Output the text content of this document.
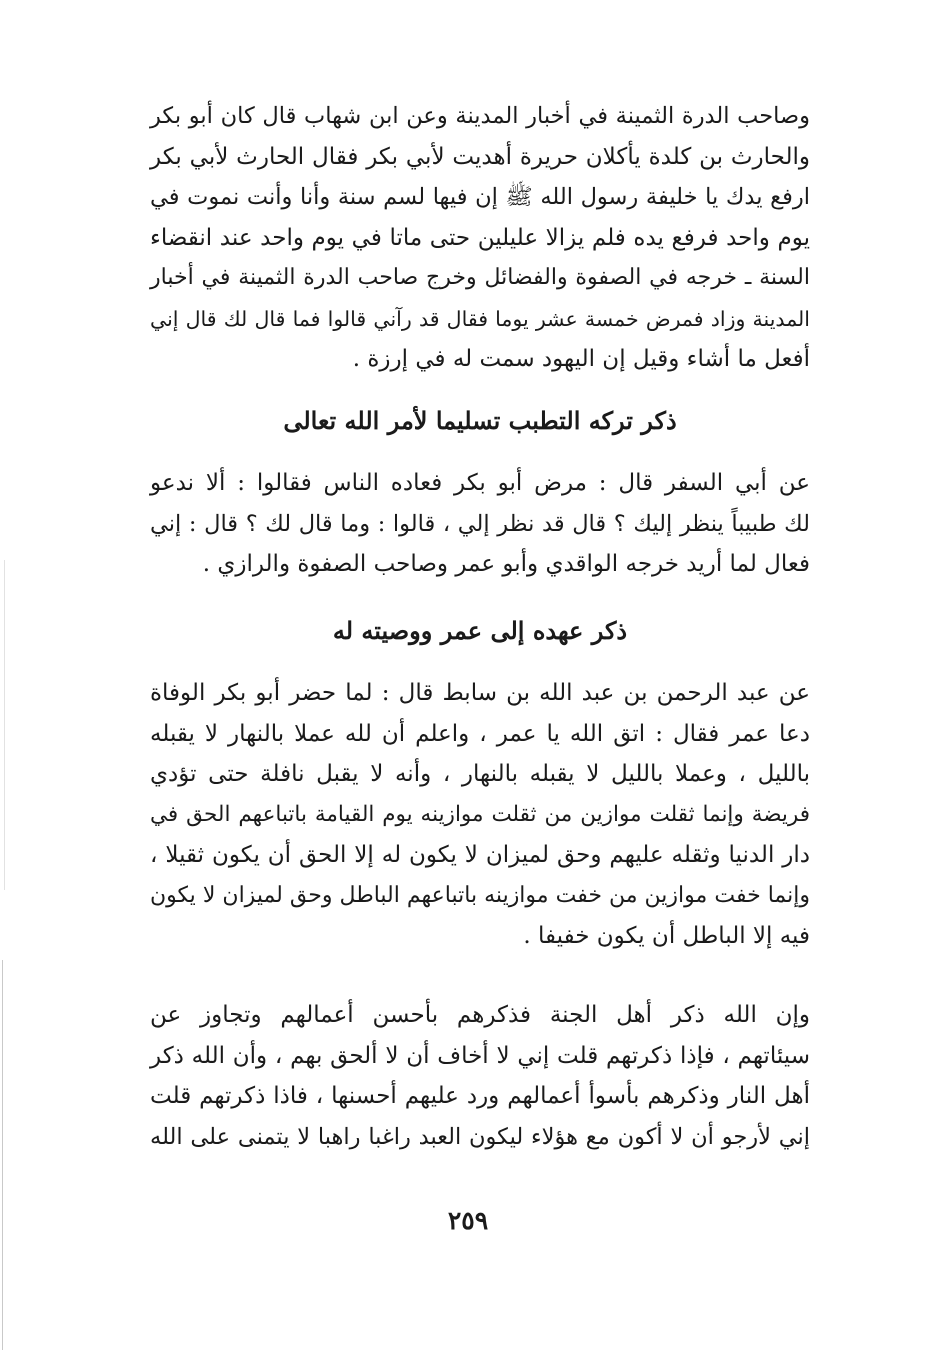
وصاحب الدرة الثمينة في أخبار المدينة وعن ابن شهاب قال كان أبو بكر
والحارث بن كلدة يأكلان حريرة أهديت لأبي بكر فقال الحارث لأبي بكر
ارفع يدك يا خليفة رسول الله ﷺ إن فيها لسم سنة وأنا وأنت نموت في
يوم واحد فرفع يده فلم يزالا عليلين حتى ماتا في يوم واحد عند انقضاء
السنة ـ خرجه في الصفوة والفضائل وخرج صاحب الدرة الثمينة في أخبار
المدينة وزاد فمرض خمسة عشر يوما فقال قد رآني قالوا فما قال لك قال إني
أفعل ما أشاء وقيل إن اليهود سمت له في إرزة .
ذكر تركه التطبب تسليما لأمر الله تعالى
عن أبي السفر قال : مرض أبو بكر فعاده الناس فقالوا : ألا ندعو
لك طبيباً ينظر إليك ؟ قال قد نظر إلي ، قالوا : وما قال لك ؟ قال : إني
فعال لما أريد خرجه الواقدي وأبو عمر وصاحب الصفوة والرازي .
ذكر عهده إلى عمر ووصيته له
عن عبد الرحمن بن عبد الله بن سابط قال : لما حضر أبو بكر الوفاة
دعا عمر فقال : اتق الله يا عمر ، واعلم أن لله عملا بالنهار لا يقبله
بالليل ، وعملا بالليل لا يقبله بالنهار ، وأنه لا يقبل نافلة حتى تؤدي
فريضة وإنما ثقلت موازين من ثقلت موازينه يوم القيامة باتباعهم الحق في
دار الدنيا وثقله عليهم وحق لميزان لا يكون له إلا الحق أن يكون ثقيلا ،
وإنما خفت موازين من خفت موازينه باتباعهم الباطل وحق لميزان لا يكون
فيه إلا الباطل أن يكون خفيفا .
وإن الله ذكر أهل الجنة فذكرهم بأحسن أعمالهم وتجاوز عن
سيئاتهم ، فإذا ذكرتهم قلت إني لا أخاف أن لا ألحق بهم ، وأن الله ذكر
أهل النار وذكرهم بأسوأ أعمالهم ورد عليهم أحسنها ، فاذا ذكرتهم قلت
إني لأرجو أن لا أكون مع هؤلاء ليكون العبد راغبا راهبا لا يتمنى على الله
٢٥٩
